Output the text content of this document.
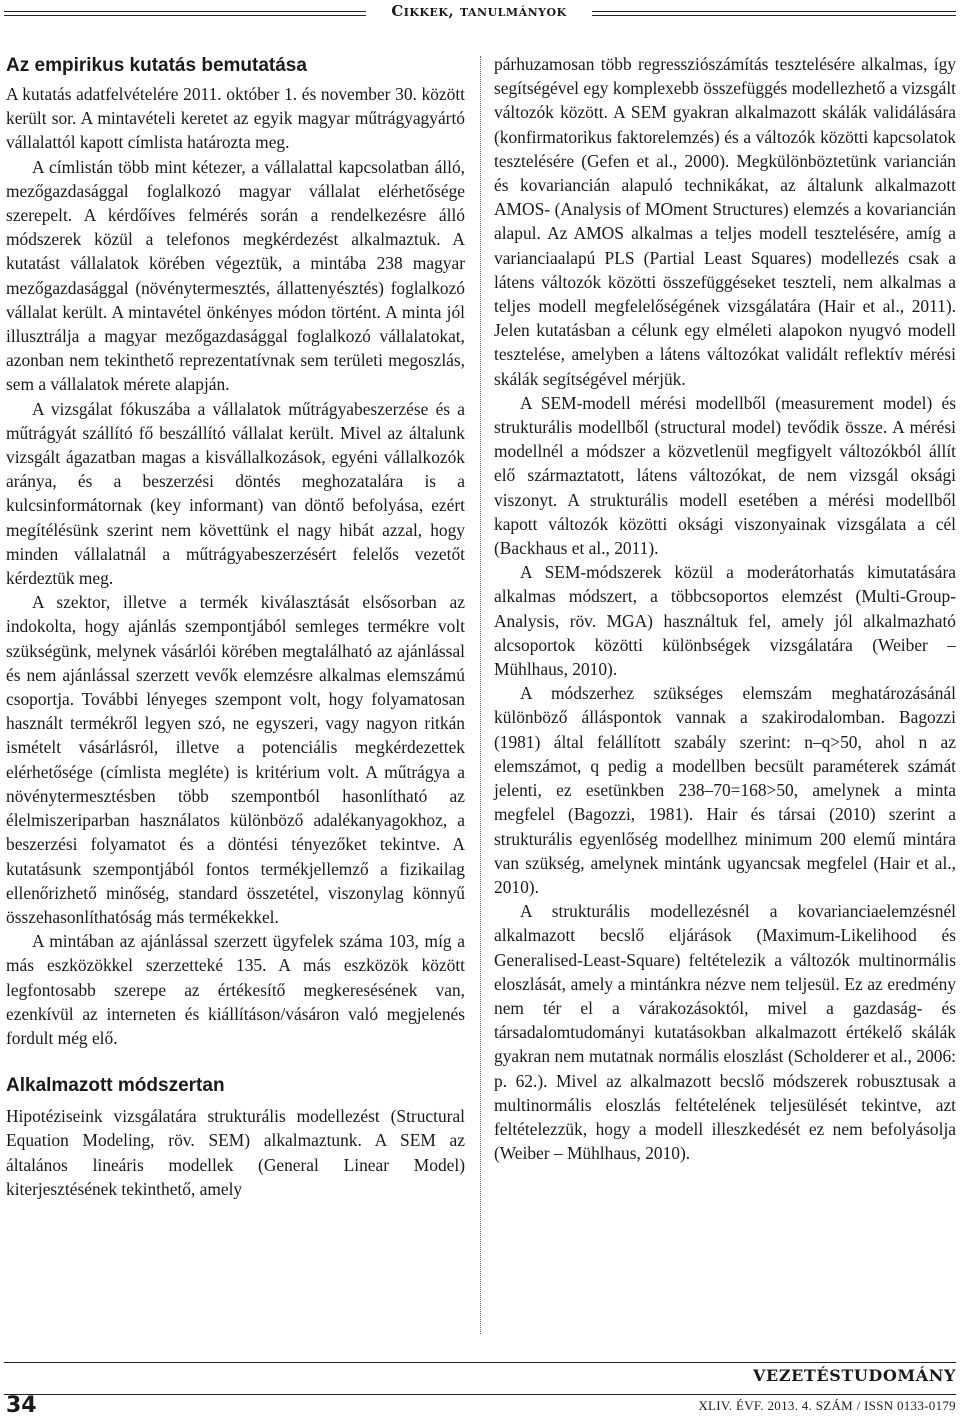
Cikkek, tanulmányok
Az empirikus kutatás bemutatása

A kutatás adatfelvételére 2011. október 1. és november 30. között került sor. A mintavételi keretet az egyik magyar műtrágyagyártó vállalattól kapott címlista határozta meg.

A címlistán több mint kétezer, a vállalattal kapcsolatban álló, mezőgazdasággal foglalkozó magyar vállalat elérhetősége szerepelt. A kérdőíves felmérés során a rendelkezésre álló módszerek közül a telefonos megkérdezést alkalmaztuk. A kutatást vállalatok körében végeztük, a mintába 238 magyar mezőgazdasággal (növénytermesztés, állattenyésztés) foglalkozó vállalat került. A mintavétel önkényes módon történt. A minta jól illusztrálja a magyar mezőgazdasággal foglalkozó vállalatokat, azonban nem tekinthető reprezentatívnak sem területi megoszlás, sem a vállalatok mérete alapján.

A vizsgálat fókuszába a vállalatok műtrágyabeszerzése és a műtrágyát szállító fő beszállító vállalat került. Mivel az általunk vizsgált ágazatban magas a kisvállalkozások, egyéni vállalkozók aránya, és a beszerzési döntés meghozatalára is a kulcsinformátornak (key informant) van döntő befolyása, ezért megítélésünk szerint nem követtünk el nagy hibát azzal, hogy minden vállalatnál a műtrágyabeszerzésért felelős vezetőt kérdeztük meg.

A szektor, illetve a termék kiválasztását elsősorban az indokolta, hogy ajánlás szempontjából semleges termékre volt szükségünk, melynek vásárlói körében megtalálható az ajánlással és nem ajánlással szerzett vevők elemzésre alkalmas elemszámú csoportja. További lényeges szempont volt, hogy folyamatosan használt termékről legyen szó, ne egyszeri, vagy nagyon ritkán ismételt vásárlásról, illetve a potenciális megkérdezettek elérhetősége (címlista megléte) is kritérium volt. A műtrágya a növénytermesztésben több szempontból hasonlítható az élelmiszeriparban használatos különböző adalékanyagokhoz, a beszerzési folyamatot és a döntési tényezőket tekintve. A kutatásunk szempontjából fontos termékjellemző a fizikailag ellenőrizhető minőség, standard összetétel, viszonylag könnyű összehasonlíthatóság más termékekkel.

A mintában az ajánlással szerzett ügyfelek száma 103, míg a más eszközökkel szerzetteké 135. A más eszközök között legfontosabb szerepe az értékesítő megkeresésének van, ezenkívül az interneten és kiállításon/vásáron való megjelenés fordult még elő.

Alkalmazott módszertan

Hipotéziseink vizsgálatára strukturális modellezést (Structural Equation Modeling, röv. SEM) alkalmaztunk. A SEM az általános lineáris modellek (General Linear Model) kiterjesztésének tekinthető, amely

párhuzamosan több regressziószámítás tesztelésére alkalmas, így segítségével egy komplexebb összefüggés modellezhető a vizsgált változók között. A SEM gyakran alkalmazott skálák validálására (konfirmatorikus faktorelemzés) és a változók közötti kapcsolatok tesztelésére (Gefen et al., 2000). Megkülönböztetünk variancián és kovariancián alapuló technikákat, az általunk alkalmazott AMOS- (Analysis of MOment Structures) elemzés a kovariancián alapul. Az AMOS alkalmas a teljes modell tesztelésére, amíg a varianciaalapú PLS (Partial Least Squares) modellezés csak a látens változók közötti összefüggéseket teszteli, nem alkalmas a teljes modell megfelelőségének vizsgálatára (Hair et al., 2011). Jelen kutatásban a célunk egy elméleti alapokon nyugvó modell tesztelése, amelyben a látens változókat validált reflektív mérési skálák segítségével mérjük.

A SEM-modell mérési modellből (measurement model) és strukturális modellből (structural model) tevődik össze. A mérési modellnél a módszer a közvetlenül megfigyelt változókból állít elő származtatott, látens változókat, de nem vizsgál oksági viszonyt. A strukturális modell esetében a mérési modellből kapott változók közötti oksági viszonyainak vizsgálata a cél (Backhaus et al., 2011).

A SEM-módszerek közül a moderátorhatás kimutatására alkalmas módszert, a többcsoportos elemzést (Multi-Group-Analysis, röv. MGA) használtuk fel, amely jól alkalmazható alcsoportok közötti különbségek vizsgálatára (Weiber – Mühlhaus, 2010).

A módszerhez szükséges elemszám meghatározásánál különböző álláspontok vannak a szakirodalomban. Bagozzi (1981) által felállított szabály szerint: n–q>50, ahol n az elemszámot, q pedig a modellben becsült paraméterek számát jelenti, ez esetünkben 238–70=168>50, amelynek a minta megfelel (Bagozzi, 1981). Hair és társai (2010) szerint a strukturális egyenlőség modellhez minimum 200 elemű mintára van szükség, amelynek mintánk ugyancsak megfelel (Hair et al., 2010).

A strukturális modellezésnél a kovarianciaelemzésnél alkalmazott becslő eljárások (Maximum-Likelihood és Generalised-Least-Square) feltételezik a változók multinormális eloszlását, amely a mintánkra nézve nem teljesül. Ez az eredmény nem tér el a várakozásoktól, mivel a gazdaság- és társadalomtudományi kutatásokban alkalmazott értékelő skálák gyakran nem mutatnak normális eloszlást (Scholderer et al., 2006: p. 62.). Mivel az alkalmazott becslő módszerek robusztusak a multinormális eloszlás feltételének teljesülését tekintve, azt feltételezzük, hogy a modell illeszkedését ez nem befolyásolja (Weiber – Mühlhaus, 2010).

VEZETÉSTUDOMÁNY
34	XLIV. ÉVF. 2013. 4. SZÁM / ISSN 0133-0179
